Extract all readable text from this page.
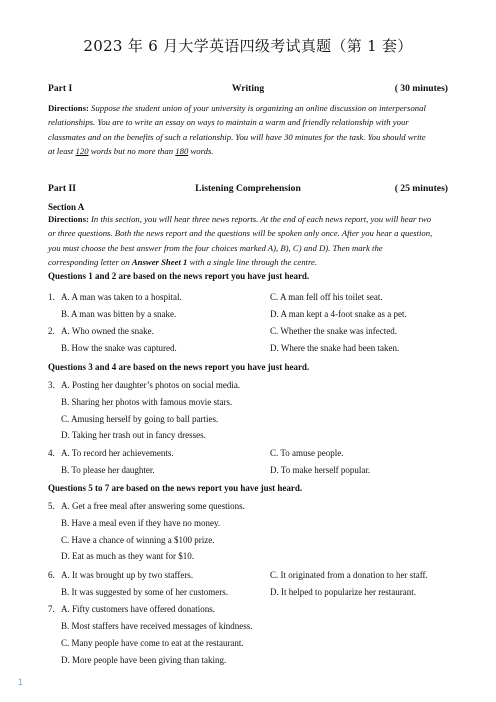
2023 年 6 月大学英语四级考试真题（第 1 套）
Part I	Writing	( 30 minutes)
Directions: Suppose the student union of your university is organizing an online discussion on interpersonal
relationships. You are to write an essay on ways to maintain a warm and friendly relationship with your
classmates and on the benefits of such a relationship. You will have 30 minutes for the task. You should write
at least 120 words but no more than 180 words.
Part II	Listening Comprehension	( 25 minutes)
Section A
Directions: In this section, you will hear three news reports. At the end of each news report, you will hear two
or three questions. Both the news report and the questions will be spoken only once. After you hear a question,
you must choose the best answer from the four choices marked A), B), C) and D). Then mark the
corresponding letter on Answer Sheet 1 with a single line through the centre.
Questions 1 and 2 are based on the news report you have just heard.
1. A. A man was taken to a hospital.	C. A man fell off his toilet seat.
B. A man was bitten by a snake.	D. A man kept a 4-foot snake as a pet.
2. A. Who owned the snake.	C. Whether the snake was infected.
B. How the snake was captured.	D. Where the snake had been taken.
Questions 3 and 4 are based on the news report you have just heard.
3. A. Posting her daughter’s photos on social media.
B. Sharing her photos with famous movie stars.
C. Amusing herself by going to ball parties.
D. Taking her trash out in fancy dresses.
4. A. To record her achievements.	C. To amuse people.
B. To please her daughter.	D. To make herself popular.
Questions 5 to 7 are based on the news report you have just heard.
5. A. Get a free meal after answering some questions.
B. Have a meal even if they have no money.
C. Have a chance of winning a $100 prize.
D. Eat as much as they want for $10.
6. A. It was brought up by two staffers.	C. It originated from a donation to her staff.
B. It was suggested by some of her customers.	D. It helped to popularize her restaurant.
7. A. Fifty customers have offered donations.
B. Most staffers have received messages of kindness.
C. Many people have come to eat at the restaurant.
D. More people have been giving than taking.
1
